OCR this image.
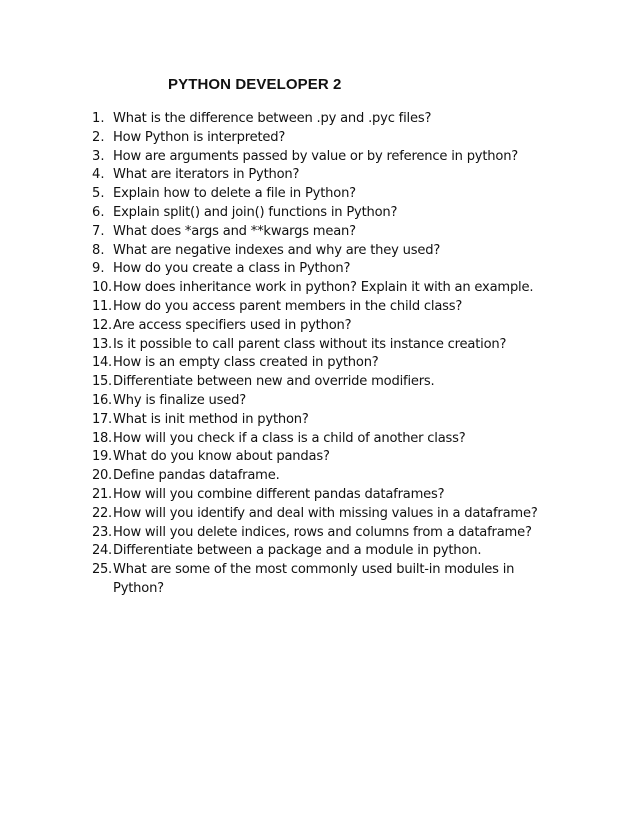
PYTHON DEVELOPER 2
1. What is the difference between .py and .pyc files?
2. How Python is interpreted?
3. How are arguments passed by value or by reference in python?
4. What are iterators in Python?
5. Explain how to delete a file in Python?
6. Explain split() and join() functions in Python?
7. What does *args and **kwargs mean?
8. What are negative indexes and why are they used?
9. How do you create a class in Python?
10. How does inheritance work in python? Explain it with an example.
11. How do you access parent members in the child class?
12. Are access specifiers used in python?
13. Is it possible to call parent class without its instance creation?
14. How is an empty class created in python?
15. Differentiate between new and override modifiers.
16. Why is finalize used?
17. What is init method in python?
18. How will you check if a class is a child of another class?
19. What do you know about pandas?
20. Define pandas dataframe.
21. How will you combine different pandas dataframes?
22. How will you identify and deal with missing values in a dataframe?
23. How will you delete indices, rows and columns from a dataframe?
24. Differentiate between a package and a module in python.
25. What are some of the most commonly used built-in modules in Python?
